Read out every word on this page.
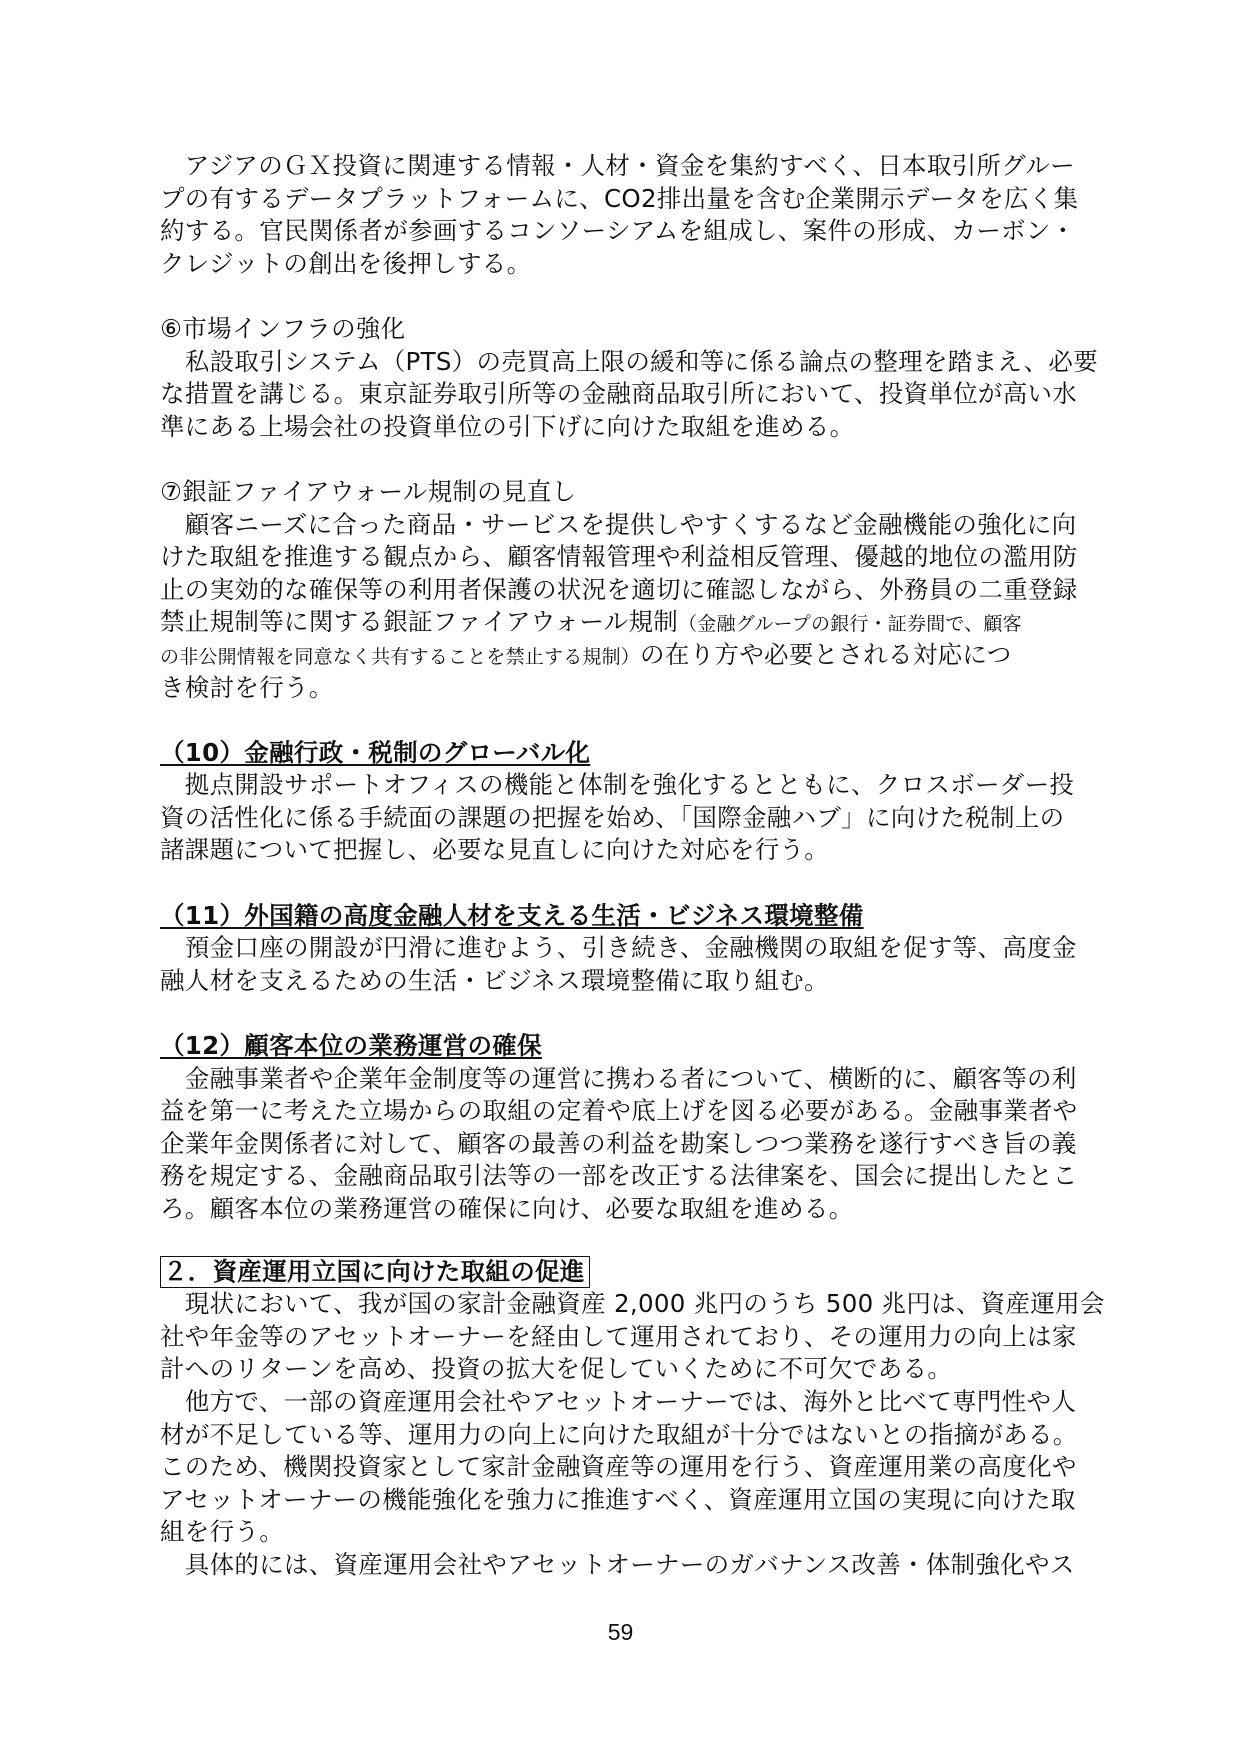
　アジアのＧＸ投資に関連する情報・人材・資金を集約すべく、日本取引所グルー
プの有するデータプラットフォームに、CO2排出量を含む企業開示データを広く集
約する。官民関係者が参画するコンソーシアムを組成し、案件の形成、カーボン・
クレジットの創出を後押しする。
⑥市場インフラの強化
　私設取引システム（PTS）の売買高上限の緩和等に係る論点の整理を踏まえ、必要
な措置を講じる。東京証券取引所等の金融商品取引所において、投資単位が高い水
準にある上場会社の投資単位の引下げに向けた取組を進める。
⑦銀証ファイアウォール規制の見直し
　顧客ニーズに合った商品・サービスを提供しやすくするなど金融機能の強化に向
けた取組を推進する観点から、顧客情報管理や利益相反管理、優越的地位の濫用防
止の実効的な確保等の利用者保護の状況を適切に確認しながら、外務員の二重登録
禁止規制等に関する銀証ファイアウォール規制（金融グループの銀行・証券間で、顧客
の非公開情報を同意なく共有することを禁止する規制）の在り方や必要とされる対応につ
き検討を行う。
（10）金融行政・税制のグローバル化
　拠点開設サポートオフィスの機能と体制を強化するとともに、クロスボーダー投
資の活性化に係る手続面の課題の把握を始め、「国際金融ハブ」に向けた税制上の
諸課題について把握し、必要な見直しに向けた対応を行う。
（11）外国籍の高度金融人材を支える生活・ビジネス環境整備
　預金口座の開設が円滑に進むよう、引き続き、金融機関の取組を促す等、高度金
融人材を支えるための生活・ビジネス環境整備に取り組む。
（12）顧客本位の業務運営の確保
　金融事業者や企業年金制度等の運営に携わる者について、横断的に、顧客等の利
益を第一に考えた立場からの取組の定着や底上げを図る必要がある。金融事業者や
企業年金関係者に対して、顧客の最善の利益を勘案しつつ業務を遂行すべき旨の義
務を規定する、金融商品取引法等の一部を改正する法律案を、国会に提出したとこ
ろ。顧客本位の業務運営の確保に向け、必要な取組を進める。
２．資産運用立国に向けた取組の促進
　現状において、我が国の家計金融資産 2,000 兆円のうち 500 兆円は、資産運用会
社や年金等のアセットオーナーを経由して運用されており、その運用力の向上は家
計へのリターンを高め、投資の拡大を促していくために不可欠である。
　他方で、一部の資産運用会社やアセットオーナーでは、海外と比べて専門性や人
材が不足している等、運用力の向上に向けた取組が十分ではないとの指摘がある。
このため、機関投資家として家計金融資産等の運用を行う、資産運用業の高度化や
アセットオーナーの機能強化を強力に推進すべく、資産運用立国の実現に向けた取
組を行う。
　具体的には、資産運用会社やアセットオーナーのガバナンス改善・体制強化やス
59
